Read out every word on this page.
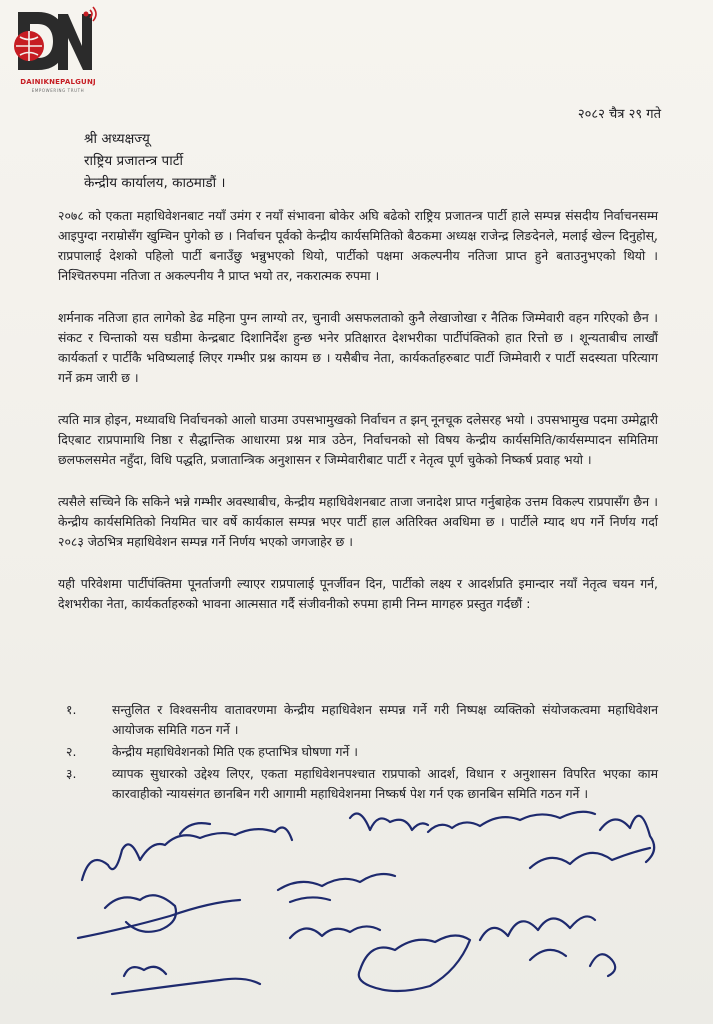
DAINIKNEPALGUNJ
EMPOWERING TRUTH
२०८२ चैत्र २९ गते
श्री अध्यक्षज्यू
राष्ट्रिय प्रजातन्त्र पार्टी
केन्द्रीय कार्यालय, काठमाडौं ।

२०७८ को एकता महाधिवेशनबाट नयाँ उमंग र नयाँ संभावना बोकेर अघि बढेको राष्ट्रिय प्रजातन्त्र पार्टी हाले सम्पन्न संसदीय निर्वाचनसम्म आइपुग्दा नराम्रोसँग खुम्चिन पुगेको छ । निर्वाचन पूर्वको केन्द्रीय कार्यसमितिको बैठकमा अध्यक्ष राजेन्द्र लिङदेनले, मलाई खेल्न दिनुहोस्, राप्रपालाई देशको पहिलो पार्टी बनाउँछु भन्नुभएको थियो, पार्टीको पक्षमा अकल्पनीय नतिजा प्राप्त हुने बताउनुभएको थियो । निश्चितरुपमा नतिजा त अकल्पनीय नै प्राप्त भयो तर, नकरात्मक रुपमा ।

शर्मनाक नतिजा हात लागेको डेढ महिना पुग्न लाग्यो तर, चुनावी असफलताको कुनै लेखाजोखा र नैतिक जिम्मेवारी वहन गरिएको छैन । संकट र चिन्ताको यस घडीमा केन्द्रबाट दिशानिर्देश हुन्छ भनेर प्रतिक्षारत देशभरीका पार्टीपंक्तिको हात रित्तो छ । शून्यताबीच लाखौं कार्यकर्ता र पार्टीकै भविष्यलाई लिएर गम्भीर प्रश्न कायम छ । यसैबीच नेता, कार्यकर्ताहरुबाट पार्टी जिम्मेवारी र पार्टी सदस्यता परित्याग गर्ने क्रम जारी छ ।

त्यति मात्र होइन, मध्यावधि निर्वाचनको आलो घाउमा उपसभामुखको निर्वाचन त झन् नूनचूक दलेसरह भयो । उपसभामुख पदमा उम्मेद्वारी दिएबाट राप्रपामाथि निष्ठा र सैद्धान्तिक आधारमा प्रश्न मात्र उठेन, निर्वाचनको सो विषय केन्द्रीय कार्यसमिति/कार्यसम्पादन समितिमा छलफलसमेत नहुँदा, विधि पद्धति, प्रजातान्त्रिक अनुशासन र जिम्मेवारीबाट पार्टी र नेतृत्व पूर्ण चुकेको निष्कर्ष प्रवाह भयो ।

त्यसैले सच्चिने कि सकिने भन्ने गम्भीर अवस्थाबीच, केन्द्रीय महाधिवेशनबाट ताजा जनादेश प्राप्त गर्नुबाहेक उत्तम विकल्प राप्रपासँग छैन । केन्द्रीय कार्यसमितिको नियमित चार वर्षे कार्यकाल सम्पन्न भएर पार्टी हाल अतिरिक्त अवधिमा छ । पार्टीले म्याद थप गर्ने निर्णय गर्दा २०८३ जेठभित्र महाधिवेशन सम्पन्न गर्ने निर्णय भएको जगजाहेर छ ।

यही परिवेशमा पार्टीपंक्तिमा पूनर्ताजगी ल्याएर राप्रपालाई पूनर्जीवन दिन, पार्टीको लक्ष्य र आदर्शप्रति इमान्दार नयाँ नेतृत्व चयन गर्न, देशभरीका नेता, कार्यकर्ताहरुको भावना आत्मसात गर्दै संजीवनीको रुपमा हामी निम्न मागहरु प्रस्तुत गर्दछौं :

१.	सन्तुलित र विश्वसनीय वातावरणमा केन्द्रीय महाधिवेशन सम्पन्न गर्ने गरी निष्पक्ष व्यक्तिको संयोजकत्वमा महाधिवेशन आयोजक समिति गठन गर्ने ।
२.	केन्द्रीय महाधिवेशनको मिति एक हप्ताभित्र घोषणा गर्ने ।
३.	व्यापक सुधारको उद्देश्य लिएर, एकता महाधिवेशनपश्चात राप्रपाको आदर्श, विधान र अनुशासन विपरित भएका काम कारवाहीको न्यायसंगत छानबिन गरी आगामी महाधिवेशनमा निष्कर्ष पेश गर्न एक छानबिन समिति गठन गर्ने ।
